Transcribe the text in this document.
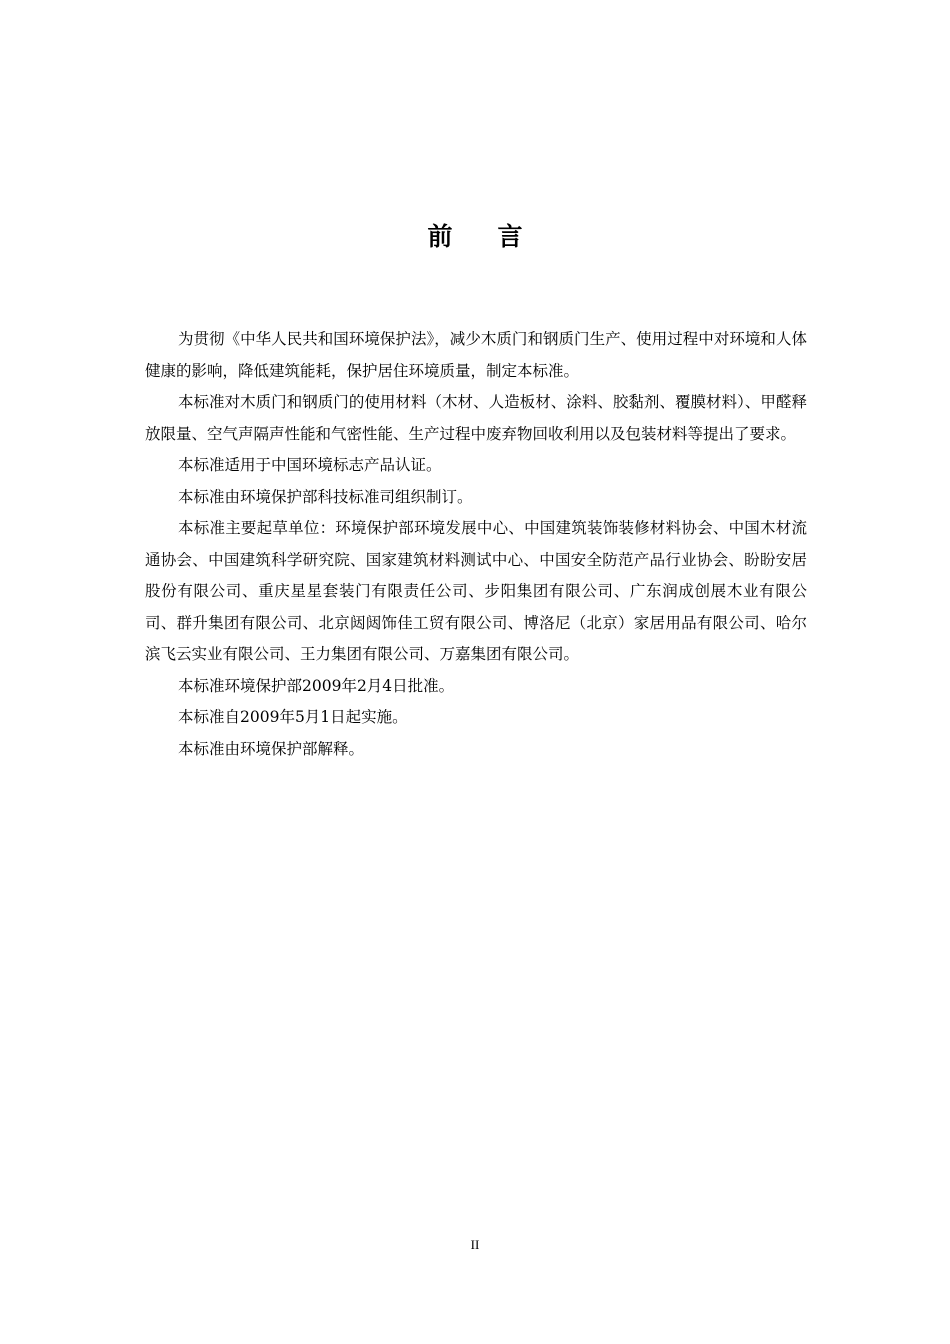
前言

为贯彻《中华人民共和国环境保护法》，减少木质门和钢质门生产、使用过程中对环境和人体健康的影响，降低建筑能耗，保护居住环境质量，制定本标准。

本标准对木质门和钢质门的使用材料（木材、人造板材、涂料、胶黏剂、覆膜材料）、甲醛释放限量、空气声隔声性能和气密性能、生产过程中废弃物回收利用以及包装材料等提出了要求。

本标准适用于中国环境标志产品认证。

本标准由环境保护部科技标准司组织制订。

本标准主要起草单位：环境保护部环境发展中心、中国建筑装饰装修材料协会、中国木材流通协会、中国建筑科学研究院、国家建筑材料测试中心、中国安全防范产品行业协会、盼盼安居股份有限公司、重庆星星套装门有限责任公司、步阳集团有限公司、广东润成创展木业有限公司、群升集团有限公司、北京闼闼饰佳工贸有限公司、博洛尼（北京）家居用品有限公司、哈尔滨飞云实业有限公司、王力集团有限公司、万嘉集团有限公司。

本标准环境保护部2009年2月4日批准。

本标准自2009年5月1日起实施。

本标准由环境保护部解释。

II
